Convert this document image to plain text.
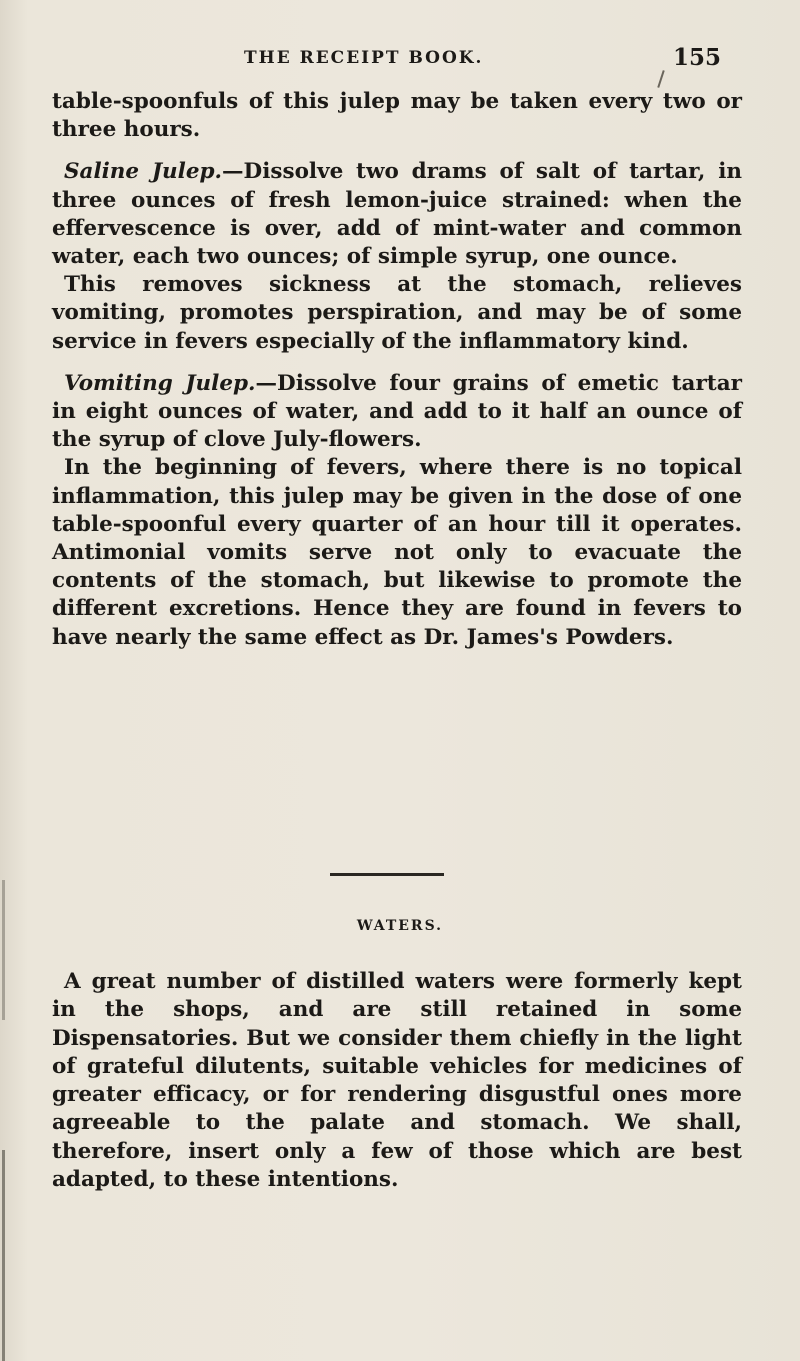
THE RECEIPT BOOK.	155

table-spoonfuls of this julep may be taken every two or three hours.

Saline Julep.—Dissolve two drams of salt of tartar, in three ounces of fresh lemon-juice strained: when the effervescence is over, add of mint-water and common water, each two ounces; of simple syrup, one ounce.

This removes sickness at the stomach, relieves vomiting, promotes perspiration, and may be of some service in fevers especially of the inflammatory kind.

Vomiting Julep.—Dissolve four grains of emetic tartar in eight ounces of water, and add to it half an ounce of the syrup of clove July-flowers.

In the beginning of fevers, where there is no topical inflammation, this julep may be given in the dose of one table-spoonful every quarter of an hour till it operates. Antimonial vomits serve not only to evacuate the contents of the stomach, but likewise to promote the different excretions. Hence they are found in fevers to have nearly the same effect as Dr. James's Powders.

WATERS.

A great number of distilled waters were formerly kept in the shops, and are still retained in some Dispensatories. But we consider them chiefly in the light of grateful dilutents, suitable vehicles for medicines of greater efficacy, or for rendering disgustful ones more agreeable to the palate and stomach. We shall, therefore, insert only a few of those which are best adapted, to these intentions.
